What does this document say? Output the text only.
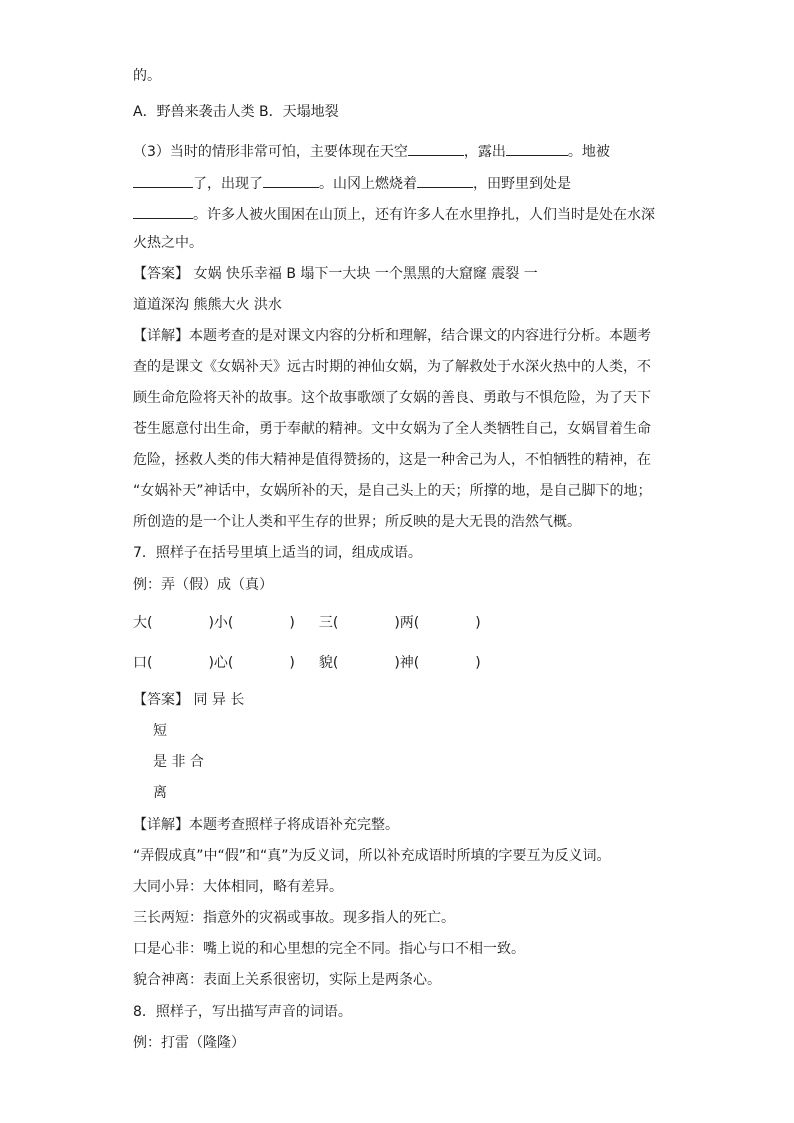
的。
A．野兽来袭击人类 B．天塌地裂
（3）当时的情形非常可怕，主要体现在天空	，露出	。地被
了，出现了	。山冈上燃烧着	，田野里到处是
。许多人被火围困在山顶上，还有许多人在水里挣扎，人们当时是处在水深
火热之中。
【答案】 女娲 快乐幸福 B 塌下一大块 一个黑黑的大窟窿 震裂 一
道道深沟 熊熊大火 洪水
【详解】本题考查的是对课文内容的分析和理解，结合课文的内容进行分析。本题考
查的是课文《女娲补天》远古时期的神仙女娲，为了解救处于水深火热中的人类，不
顾生命危险将天补的故事。这个故事歌颂了女娲的善良、勇敢与不惧危险，为了天下
苍生愿意付出生命，勇于奉献的精神。文中女娲为了全人类牺牲自己，女娲冒着生命
危险，拯救人类的伟大精神是值得赞扬的，这是一种舍己为人，不怕牺牲的精神，在
“女娲补天”神话中，女娲所补的天，是自己头上的天；所撑的地，是自己脚下的地；
所创造的是一个让人类和平生存的世界；所反映的是大无畏的浩然气概。
7．照样子在括号里填上适当的词，组成成语。
例：弄（假）成（真）
大(	)小(	) 三(	)两(	)
口(	)心(	) 貌(	)神(	)
【答案】 同 异 长
短
是 非 合
离
【详解】本题考查照样子将成语补充完整。
“弄假成真”中“假”和“真”为反义词，所以补充成语时所填的字要互为反义词。
大同小异：大体相同，略有差异。
三长两短：指意外的灾祸或事故。现多指人的死亡。
口是心非：嘴上说的和心里想的完全不同。指心与口不相一致。
貌合神离：表面上关系很密切，实际上是两条心。
8．照样子，写出描写声音的词语。
例：打雷（隆隆）
